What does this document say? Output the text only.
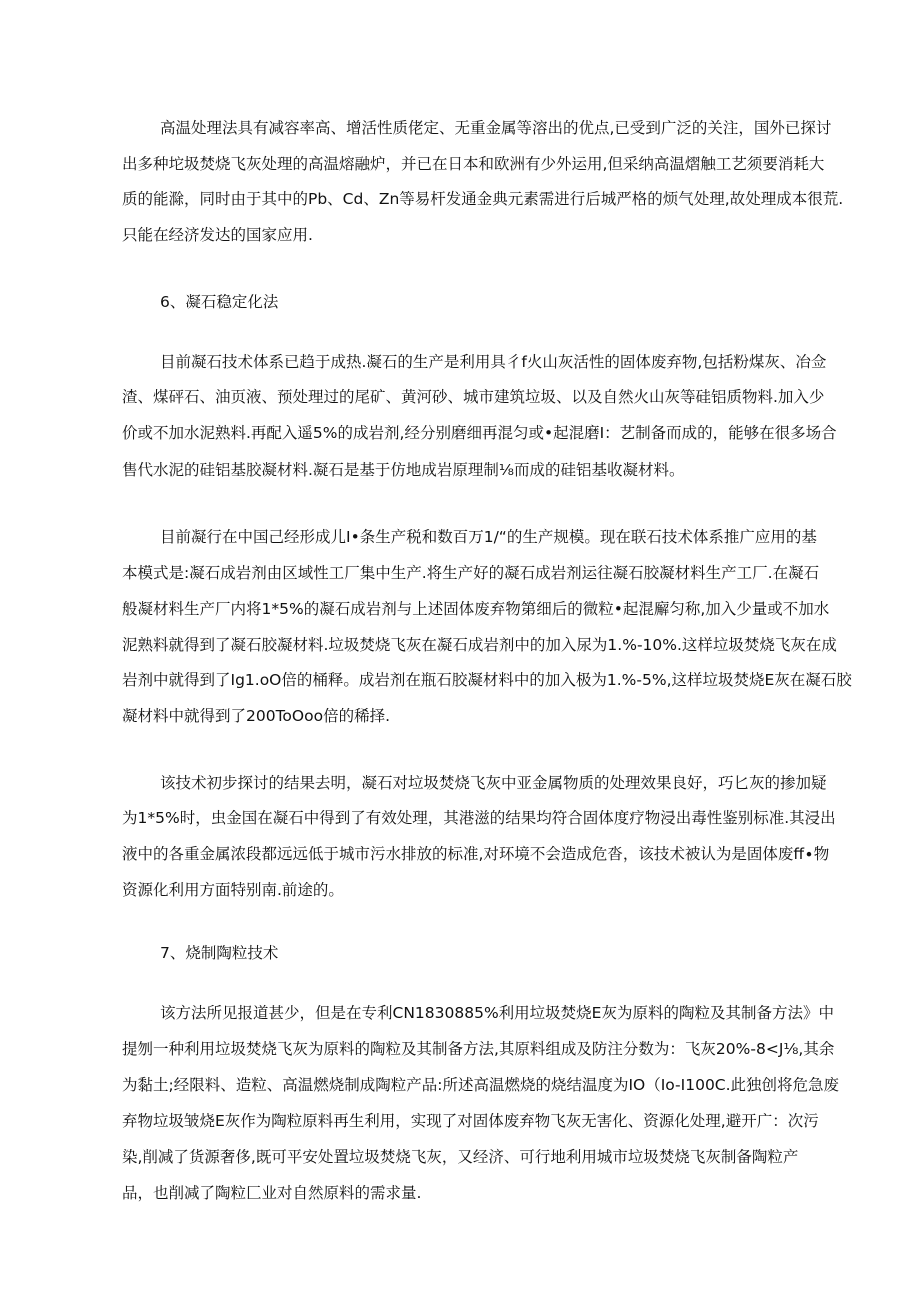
高温处理法具有减容率高、增活性质佬定、无重金属等溶出的优点,已受到广泛的关注，国外已探讨
出多种坨圾焚烧飞灰处理的高温熔融炉，并已在日本和欧洲有少外运用,但采纳高温熠触工艺须要消耗大
质的能滁，同时由于其中的Pb、Cd、Zn等易杆发通金典元素需进行后城严格的烦气处理,故处理成本很荒.
只能在经济发达的国家应用.
6、凝石稳定化法
目前凝石技术体系已趋于成热.凝石的生产是利用具彳f火山灰活性的固体废弃物,包括粉煤灰、冶佥
渣、煤砰石、油页液、预处理过的尾矿、黄河砂、城市建筑垃圾、以及自然火山灰等硅铝质物料.加入少
价或不加水泥熟料.再配入遥5%的成岩剂,经分别磨细再混匀或•起混磨I：艺制备而成的，能够在很多场合
售代水泥的硅铝基胶凝材料.凝石是基于仿地成岩原理制⅛而成的硅铝基收凝材料。
目前凝行在中国己经形成儿I•条生产税和数百万1/“的生产规模。现在联石技术体系推广应用的基
本模式是:凝石成岩剂由区域性工厂集中生产.将生产好的凝石成岩剂运往凝石胶凝材料生产工厂.在凝石
般凝材料生产厂内将1*5%的凝石成岩剂与上述固体废弃物第细后的微粒•起混廨匀称,加入少量或不加水
泥熟料就得到了凝石胶凝材料.垃圾焚烧飞灰在凝石成岩剂中的加入尿为1.%-10%.这样垃圾焚烧飞灰在成
岩剂中就得到了Ig1.oO倍的桶释。成岩剂在瓶石胶凝材料中的加入极为1.%-5%,这样垃圾焚烧E灰在凝石胶
凝材料中就得到了200ToOoo倍的稀择.
该技术初步探讨的结果去明，凝石对垃圾焚烧飞灰中亚金属物质的处理效果良好，巧匕灰的掺加疑
为1*5%时，虫金国在凝石中得到了有效处理，其港滋的结果均符合固体度疗物浸出毒性鉴别标准.其浸出
液中的各重金属浓段都远远低于城市污水排放的标准,对环境不会造成危沓，该技术被认为是固体废ff∙物
资源化利用方面特别南.前途的。
7、烧制陶粒技术
该方法所见报道甚少，但是在专利CN1830885%利用垃圾焚烧E灰为原料的陶粒及其制备方法》中
提刎一种利用垃圾焚烧飞灰为原料的陶粒及其制备方法,其原料组成及防注分数为：飞灰20%-8<J⅛,其余
为黏土;经限料、造粒、高温燃烧制成陶粒产品:所述高温燃烧的烧结温度为IO（Io-I100C.此独创将危急废
弃物垃圾皱烧E灰作为陶粒原料再生利用，实现了对固体废弃物飞灰无害化、资源化处理,避开广：次污
染,削减了货源奢侈,既可平安处置垃圾焚烧飞灰，又经济、可行地利用城市垃圾焚烧飞灰制备陶粒产
品，也削减了陶粒匚业对自然原料的需求量.
